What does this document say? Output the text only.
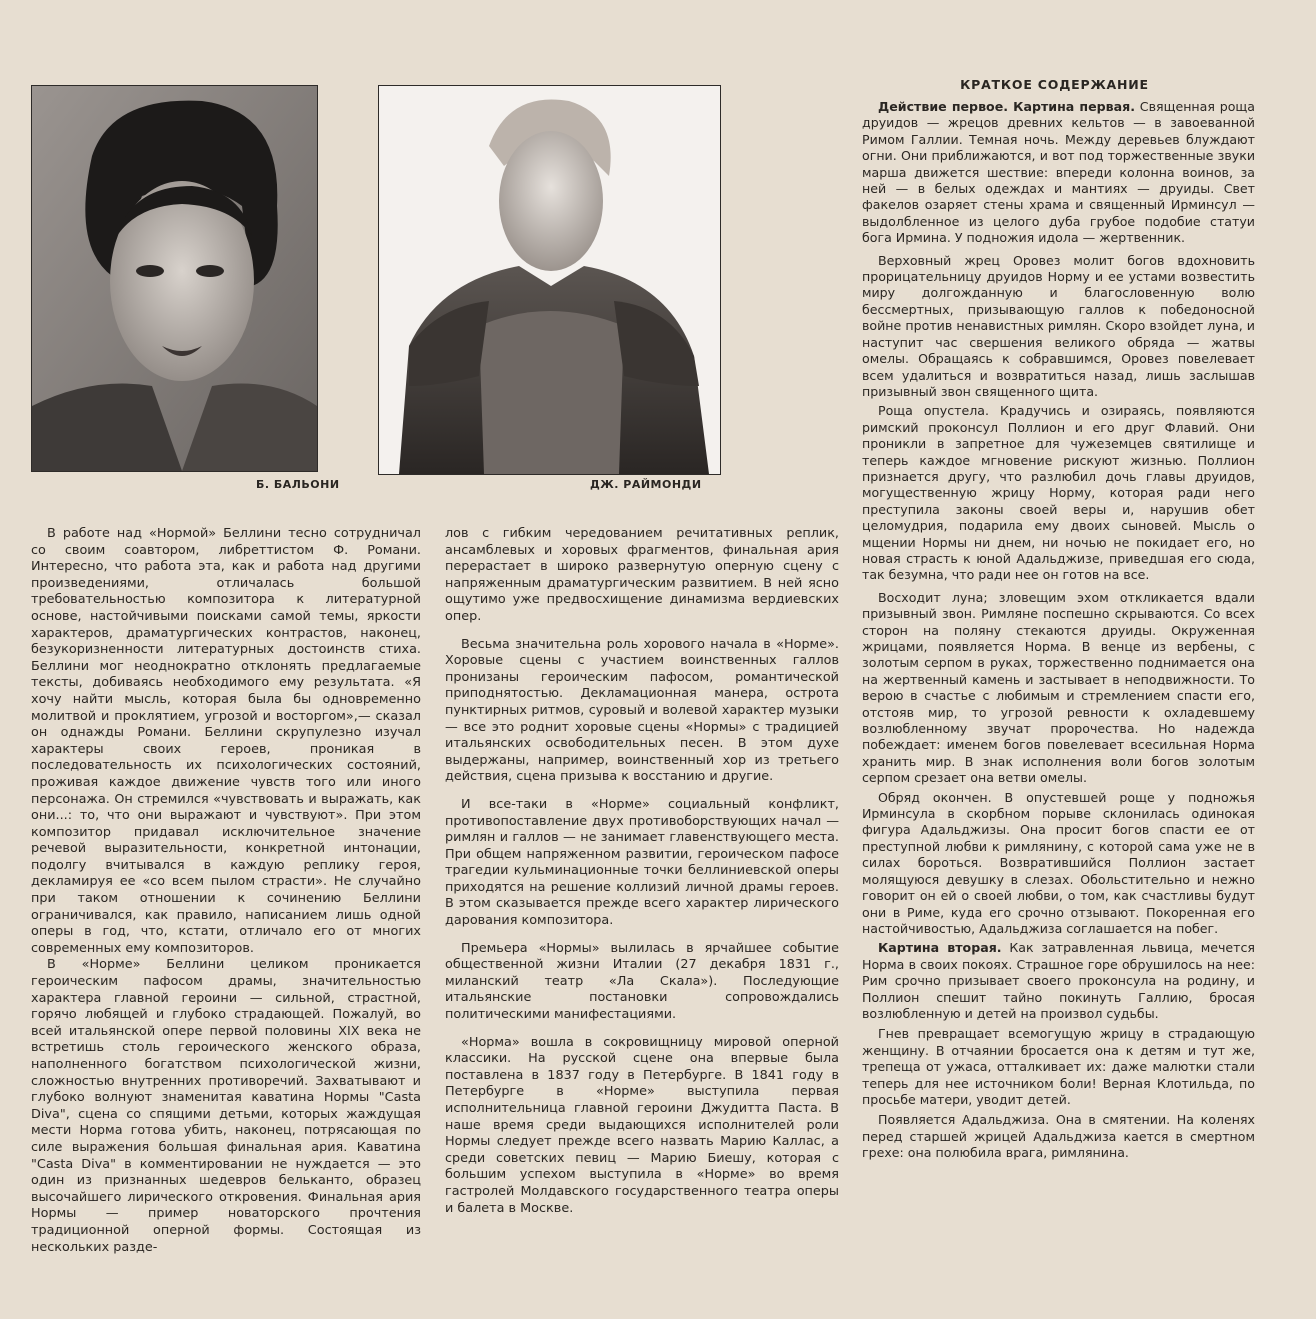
Б. БАЛЬОНИ	ДЖ. РАЙМОНДИ

В работе над «Нормой» Беллини тесно сотрудничал со своим соавтором, либреттистом Ф. Романи. Интересно, что работа эта, как и работа над другими произведениями, отличалась большой требовательностью композитора к литературной основе, настойчивыми поисками самой темы, яркости характеров, драматургических контрастов, наконец, безукоризненности литературных достоинств стиха. Беллини мог неоднократно отклонять предлагаемые тексты, добиваясь необходимого ему результата. «Я хочу найти мысль, которая была бы одновременно молитвой и проклятием, угрозой и восторгом»,— сказал он однажды Романи. Беллини скрупулезно изучал характеры своих героев, проникая в последовательность их психологических состояний, проживая каждое движение чувств того или иного персонажа. Он стремился «чувствовать и выражать, как они...: то, что они выражают и чувствуют». При этом композитор придавал исключительное значение речевой выразительности, конкретной интонации, подолгу вчитывался в каждую реплику героя, декламируя ее «со всем пылом страсти». Не случайно при таком отношении к сочинению Беллини ограничивался, как правило, написанием лишь одной оперы в год, что, кстати, отличало его от многих современных ему композиторов.

В «Норме» Беллини целиком проникается героическим пафосом драмы, значительностью характера главной героини — сильной, страстной, горячо любящей и глубоко страдающей. Пожалуй, во всей итальянской опере первой половины XIX века не встретишь столь героического женского образа, наполненного богатством психологической жизни, сложностью внутренних противоречий. Захватывают и глубоко волнуют знаменитая каватина Нормы "Casta Diva", сцена со спящими детьми, которых жаждущая мести Норма готова убить, наконец, потрясающая по силе выражения большая финальная ария. Каватина "Casta Diva" в комментировании не нуждается — это один из признанных шедевров бельканто, образец высочайшего лирического откровения. Финальная ария Нормы — пример новаторского прочтения традиционной оперной формы. Состоящая из нескольких разде-

лов с гибким чередованием речитативных реплик, ансамблевых и хоровых фрагментов, финальная ария перерастает в широко развернутую оперную сцену с напряженным драматургическим развитием. В ней ясно ощутимо уже предвосхищение динамизма вердиевских опер.

Весьма значительна роль хорового начала в «Норме». Хоровые сцены с участием воинственных галлов пронизаны героическим пафосом, романтической приподнятостью. Декламационная манера, острота пунктирных ритмов, суровый и волевой характер музыки — все это роднит хоровые сцены «Нормы» с традицией итальянских освободительных песен. В этом духе выдержаны, например, воинственный хор из третьего действия, сцена призыва к восстанию и другие.

И все-таки в «Норме» социальный конфликт, противопоставление двух противоборствующих начал — римлян и галлов — не занимает главенствующего места. При общем напряженном развитии, героическом пафосе трагедии кульминационные точки беллиниевской оперы приходятся на решение коллизий личной драмы героев. В этом сказывается прежде всего характер лирического дарования композитора.

Премьера «Нормы» вылилась в ярчайшее событие общественной жизни Италии (27 декабря 1831 г., миланский театр «Ла Скала»). Последующие итальянские постановки сопровождались политическими манифестациями.

«Норма» вошла в сокровищницу мировой оперной классики. На русской сцене она впервые была поставлена в 1837 году в Петербурге. В 1841 году в Петербурге в «Норме» выступила первая исполнительница главной героини Джудитта Паста. В наше время среди выдающихся исполнителей роли Нормы следует прежде всего назвать Марию Каллас, а среди советских певиц — Марию Биешу, которая с большим успехом выступила в «Норме» во время гастролей Молдавского государственного театра оперы и балета в Москве.

КРАТКОЕ СОДЕРЖАНИЕ

Действие первое. Картина первая. Священная роща друидов — жрецов древних кельтов — в завоеванной Римом Галлии. Темная ночь. Между деревьев блуждают огни. Они приближаются, и вот под торжественные звуки марша движется шествие: впереди колонна воинов, за ней — в белых одеждах и мантиях — друиды. Свет факелов озаряет стены храма и священный Ирминсул — выдолбленное из целого дуба грубое подобие статуи бога Ирмина. У подножия идола — жертвенник.

Верховный жрец Оровез молит богов вдохновить прорицательницу друидов Норму и ее устами возвестить миру долгожданную и благословенную волю бессмертных, призывающую галлов к победоносной войне против ненавистных римлян. Скоро взойдет луна, и наступит час свершения великого обряда — жатвы омелы. Обращаясь к собравшимся, Оровез повелевает всем удалиться и возвратиться назад, лишь заслышав призывный звон священного щита.

Роща опустела. Крадучись и озираясь, появляются римский проконсул Поллион и его друг Флавий. Они проникли в запретное для чужеземцев святилище и теперь каждое мгновение рискуют жизнью. Поллион признается другу, что разлюбил дочь главы друидов, могущественную жрицу Норму, которая ради него преступила законы своей веры и, нарушив обет целомудрия, подарила ему двоих сыновей. Мысль о мщении Нормы ни днем, ни ночью не покидает его, но новая страсть к юной Адальджизе, приведшая его сюда, так безумна, что ради нее он готов на все.

Восходит луна; зловещим эхом откликается вдали призывный звон. Римляне поспешно скрываются. Со всех сторон на поляну стекаются друиды. Окруженная жрицами, появляется Норма. В венце из вербены, с золотым серпом в руках, торжественно поднимается она на жертвенный камень и застывает в неподвижности. То верою в счастье с любимым и стремлением спасти его, отстояв мир, то угрозой ревности к охладевшему возлюбленному звучат пророчества. Но надежда побеждает: именем богов повелевает всесильная Норма хранить мир. В знак исполнения воли богов золотым серпом срезает она ветви омелы.

Обряд окончен. В опустевшей роще у подножья Ирминсула в скорбном порыве склонилась одинокая фигура Адальджизы. Она просит богов спасти ее от преступной любви к римлянину, с которой сама уже не в силах бороться. Возвратившийся Поллион застает молящуюся девушку в слезах. Обольстительно и нежно говорит он ей о своей любви, о том, как счастливы будут они в Риме, куда его срочно отзывают. Покоренная его настойчивостью, Адальджиза соглашается на побег.

Картина вторая. Как затравленная львица, мечется Норма в своих покоях. Страшное горе обрушилось на нее: Рим срочно призывает своего проконсула на родину, и Поллион спешит тайно покинуть Галлию, бросая возлюбленную и детей на произвол судьбы.

Гнев превращает всемогущую жрицу в страдающую женщину. В отчаянии бросается она к детям и тут же, трепеща от ужаса, отталкивает их: даже малютки стали теперь для нее источником боли! Верная Клотильда, по просьбе матери, уводит детей.

Появляется Адальджиза. Она в смятении. На коленях перед старшей жрицей Адальджиза кается в смертном грехе: она полюбила врага, римлянина.
